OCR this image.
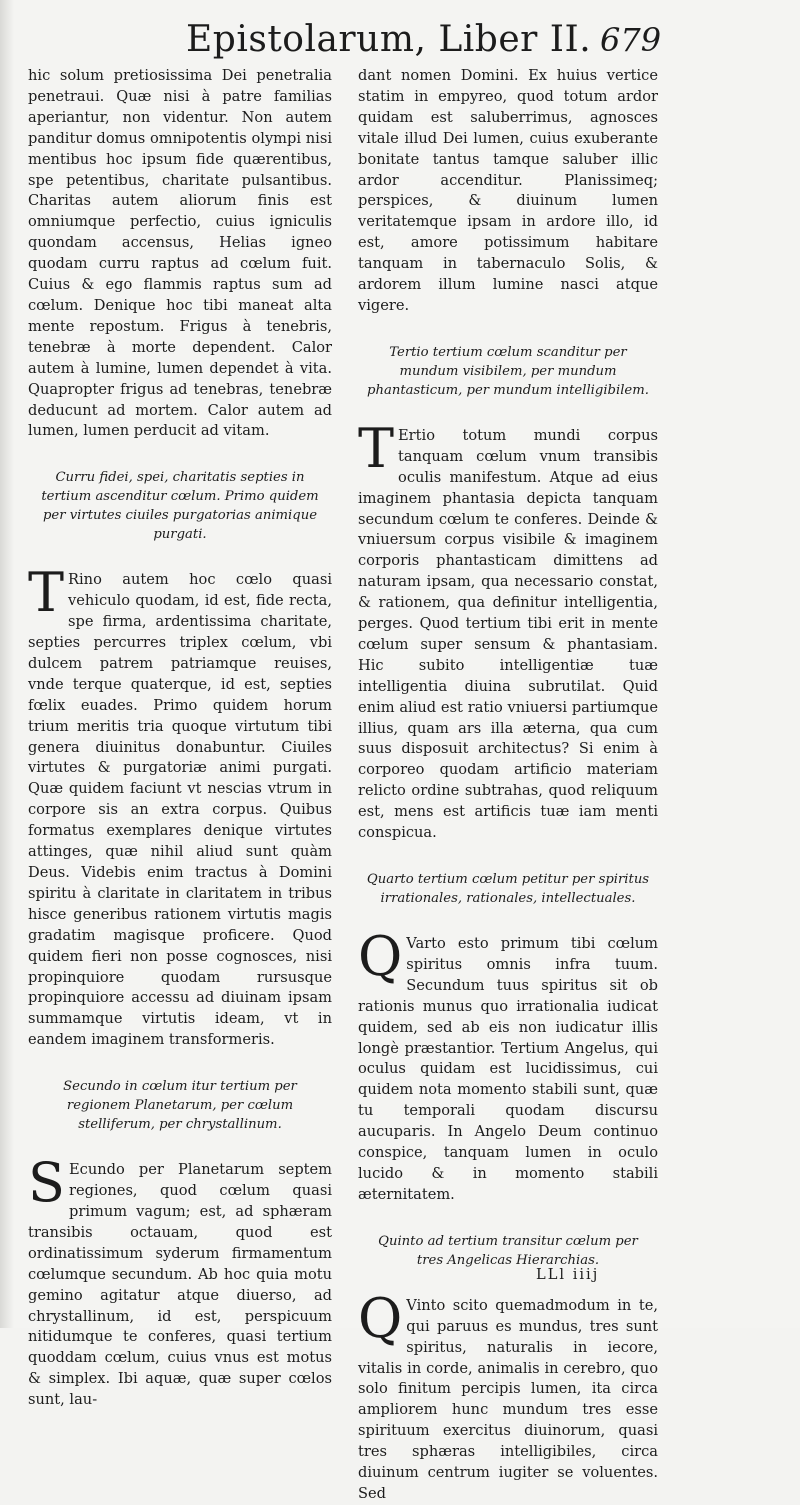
Epistolarum, Liber II. 679

hic solum pretiosissima Dei penetralia penetraui. Quæ nisi à patre familias aperiantur, non videntur. Non autem panditur domus omnipotentis olympi nisi mentibus hoc ipsum fide quærentibus, spe petentibus, charitate pulsantibus. Charitas autem aliorum finis est omniumque perfectio, cuius igniculis quondam accensus, Helias igneo quodam curru raptus ad cœlum fuit. Cuius & ego flammis raptus sum ad cœlum. Denique hoc tibi maneat alta mente repostum. Frigus à tenebris, tenebræ à morte dependent. Calor autem à lumine, lumen dependet à vita. Quapropter frigus ad tenebras, tenebræ deducunt ad mortem. Calor autem ad lumen, lumen perducit ad vitam.

Curru fidei, spei, charitatis septies in tertium ascenditur cœlum. Primo quidem per virtutes ciuiles purgatorias animique purgati.

T Rino autem hoc cœlo quasi vehiculo quodam, id est, fide recta, spe firma, ardentissima charitate, septies percurres triplex cœlum, vbi dulcem patrem patriamque reuises, vnde terque quaterque, id est, septies fœlix euades. Primo quidem horum trium meritis tria quoque virtutum tibi genera diuinitus donabuntur. Ciuiles virtutes & purgatoriæ animi purgati. Quæ quidem faciunt vt nescias vtrum in corpore sis an extra corpus. Quibus formatus exemplares denique virtutes attinges, quæ nihil aliud sunt quàm Deus. Videbis enim tractus à Domini spiritu à claritate in claritatem in tribus hisce generibus rationem virtutis magis gradatim magisque proficere. Quod quidem fieri non posse cognosces, nisi propinquiore quodam rursusque propinquiore accessu ad diuinam ipsam summamque virtutis ideam, vt in eandem imaginem transformeris.

Secundo in cœlum itur tertium per regionem Planetarum, per cœlum stelliferum, per chrystallinum.

S Ecundo per Planetarum septem regiones, quod cœlum quasi primum vagum; est, ad sphæram transibis octauam, quod est ordinatissimum syderum firmamentum cœlumque secundum. Ab hoc quia motu gemino agitatur atque diuerso, ad chrystallinum, id est, perspicuum nitidumque te conferes, quasi tertium quoddam cœlum, cuius vnus est motus & simplex. Ibi aquæ, quæ super cœlos sunt, lau-

dant nomen Domini. Ex huius vertice statim in empyreo, quod totum ardor quidam est saluberrimus, agnosces vitale illud Dei lumen, cuius exuberante bonitate tantus tamque saluber illic ardor accenditur. Planissimeq; perspices, & diuinum lumen veritatemque ipsam in ardore illo, id est, amore potissimum habitare tanquam in tabernaculo Solis, & ardorem illum lumine nasci atque vigere.

Tertio tertium cœlum scanditur per mundum visibilem, per mundum phantasticum, per mundum intelligibilem.

T Ertio totum mundi corpus tanquam cœlum vnum transibis oculis manifestum. Atque ad eius imaginem phantasia depicta tanquam secundum cœlum te conferes. Deinde & vniuersum corpus visibile & imaginem corporis phantasticam dimittens ad naturam ipsam, qua necessario constat, & rationem, qua definitur intelligentia, perges. Quod tertium tibi erit in mente cœlum super sensum & phantasiam. Hic subito intelligentiæ tuæ intelligentia diuina subrutilat. Quid enim aliud est ratio vniuersi partiumque illius, quam ars illa æterna, qua cum suus disposuit architectus? Si enim à corporeo quodam artificio materiam relicto ordine subtrahas, quod reliquum est, mens est artificis tuæ iam menti conspicua.

Quarto tertium cœlum petitur per spiritus irrationales, rationales, intellectuales.

Q Varto esto primum tibi cœlum spiritus omnis infra tuum. Secundum tuus spiritus sit ob rationis munus quo irrationalia iudicat quidem, sed ab eis non iudicatur illis longè præstantior. Tertium Angelus, qui oculus quidam est lucidissimus, cui quidem nota momento stabili sunt, quæ tu temporali quodam discursu aucuparis. In Angelo Deum continuo conspice, tanquam lumen in oculo lucido & in momento stabili æternitatem.

Quinto ad tertium transitur cœlum per tres Angelicas Hierarchias.

Q Vinto scito quemadmodum in te, qui paruus es mundus, tres sunt spiritus, naturalis in iecore, vitalis in corde, animalis in cerebro, quo solo finitum percipis lumen, ita circa ampliorem hunc mundum tres esse spirituum exercitus diuinorum, quasi tres sphæras intelligibiles, circa diuinum centrum iugiter se voluentes. Sed

LLl iiij
